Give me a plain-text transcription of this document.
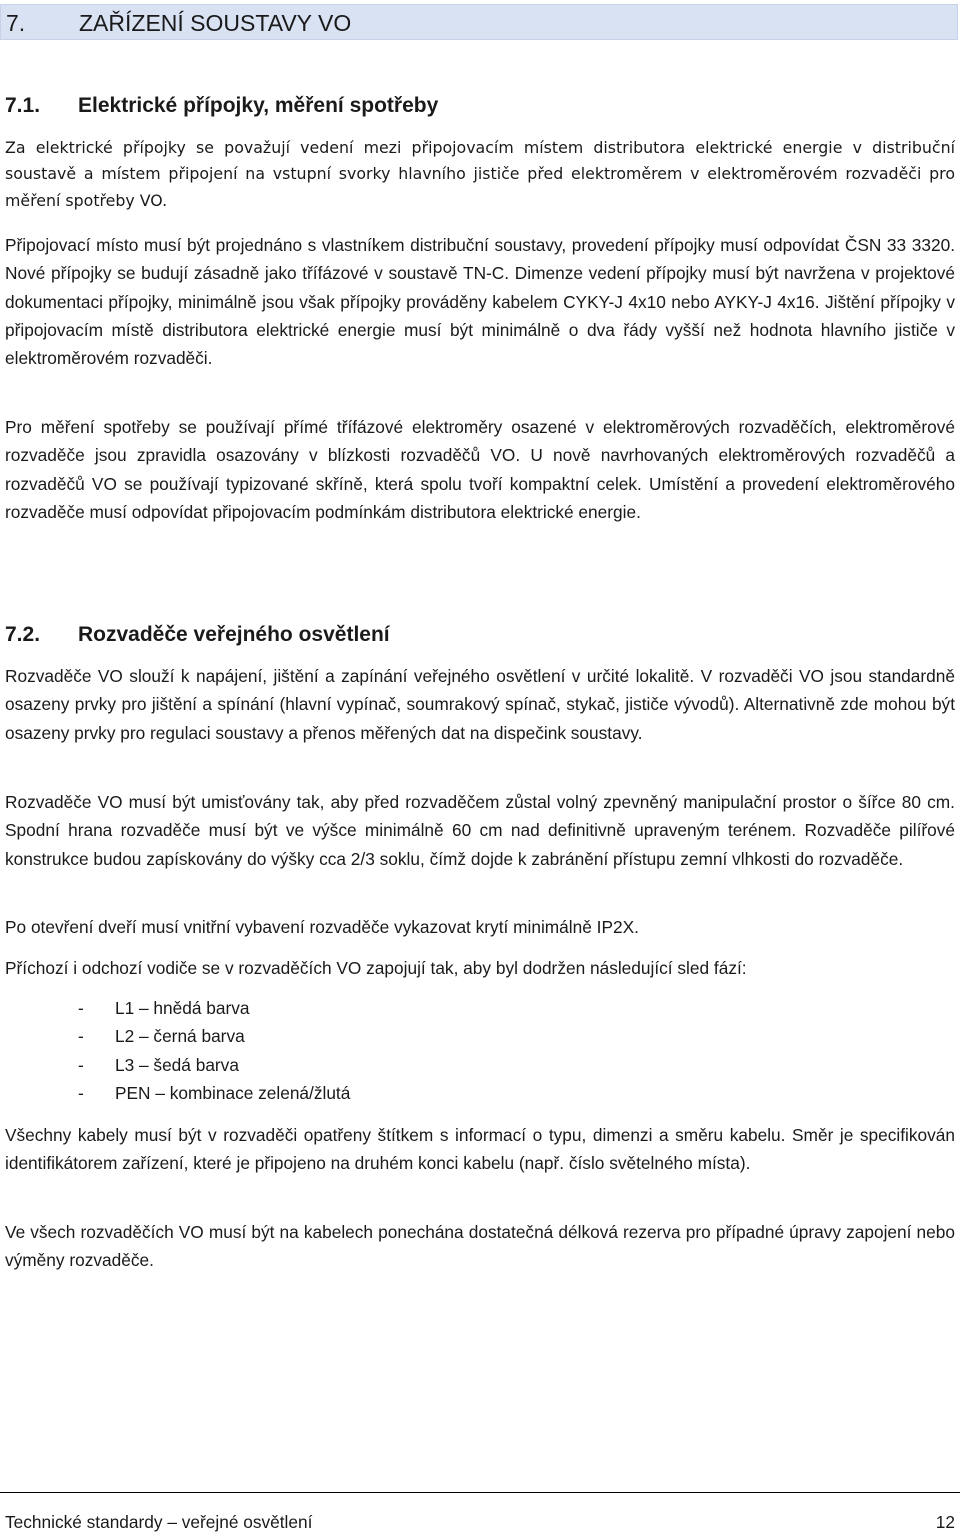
7. ZAŘÍZENÍ SOUSTAVY VO
7.1. Elektrické přípojky, měření spotřeby

Za elektrické přípojky se považují vedení mezi připojovacím místem distributora elektrické energie v distribuční soustavě a místem připojení na vstupní svorky hlavního jističe před elektroměrem v elektroměrovém rozvaděči pro měření spotřeby VO.

Připojovací místo musí být projednáno s vlastníkem distribuční soustavy, provedení přípojky musí odpovídat ČSN 33 3320. Nové přípojky se budují zásadně jako třífázové v soustavě TN-C. Dimenze vedení přípojky musí být navržena v projektové dokumentaci přípojky, minimálně jsou však přípojky prováděny kabelem CYKY-J 4x10 nebo AYKY-J 4x16. Jištění přípojky v připojovacím místě distributora elektrické energie musí být minimálně o dva řády vyšší než hodnota hlavního jističe v elektroměrovém rozvaděči.

Pro měření spotřeby se používají přímé třífázové elektroměry osazené v elektroměrových rozvaděčích, elektroměrové rozvaděče jsou zpravidla osazovány v blízkosti rozvaděčů VO. U nově navrhovaných elektroměrových rozvaděčů a rozvaděčů VO se používají typizované skříně, která spolu tvoří kompaktní celek. Umístění a provedení elektroměrového rozvaděče musí odpovídat připojovacím podmínkám distributora elektrické energie.

7.2. Rozvaděče veřejného osvětlení

Rozvaděče VO slouží k napájení, jištění a zapínání veřejného osvětlení v určité lokalitě. V rozvaděči VO jsou standardně osazeny prvky pro jištění a spínání (hlavní vypínač, soumrakový spínač, stykač, jističe vývodů). Alternativně zde mohou být osazeny prvky pro regulaci soustavy a přenos měřených dat na dispečink soustavy.

Rozvaděče VO musí být umisťovány tak, aby před rozvaděčem zůstal volný zpevněný manipulační prostor o šířce 80 cm. Spodní hrana rozvaděče musí být ve výšce minimálně 60 cm nad definitivně upraveným terénem. Rozvaděče pilířové konstrukce budou zapískovány do výšky cca 2/3 soklu, čímž dojde k zabránění přístupu zemní vlhkosti do rozvaděče.

Po otevření dveří musí vnitřní vybavení rozvaděče vykazovat krytí minimálně IP2X.

Příchozí i odchozí vodiče se v rozvaděčích VO zapojují tak, aby byl dodržen následující sled fází:

- L1 – hnědá barva
- L2 – černá barva
- L3 – šedá barva
- PEN – kombinace zelená/žlutá

Všechny kabely musí být v rozvaděči opatřeny štítkem s informací o typu, dimenzi a směru kabelu. Směr je specifikován identifikátorem zařízení, které je připojeno na druhém konci kabelu (např. číslo světelného místa).

Ve všech rozvaděčích VO musí být na kabelech ponechána dostatečná délková rezerva pro případné úpravy zapojení nebo výměny rozvaděče.

Technické standardy – veřejné osvětlení	12
